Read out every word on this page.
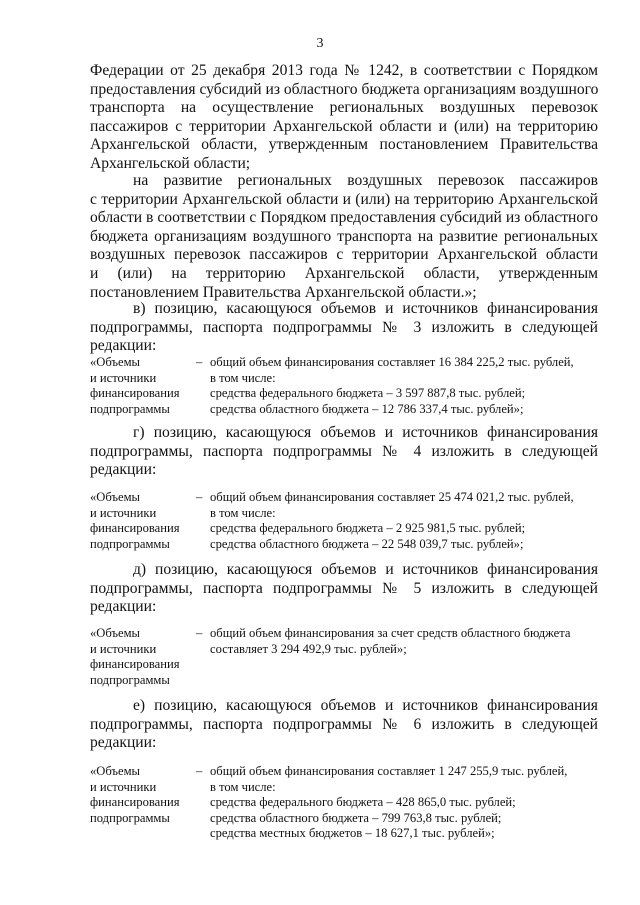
3
Федерации от 25 декабря 2013 года № 1242, в соответствии с Порядком
предоставления субсидий из областного бюджета организациям воздушного
транспорта на осуществление региональных воздушных перевозок
пассажиров с территории Архангельской области и (или) на территорию
Архангельской области, утвержденным постановлением Правительства
Архангельской области;
на развитие региональных воздушных перевозок пассажиров
с территории Архангельской области и (или) на территорию Архангельской
области в соответствии с Порядком предоставления субсидий из областного
бюджета организациям воздушного транспорта на развитие региональных
воздушных перевозок пассажиров с территории Архангельской области
и (или) на территорию Архангельской области, утвержденным
постановлением Правительства Архангельской области.»;
в) позицию, касающуюся объемов и источников финансирования
подпрограммы, паспорта подпрограммы № 3 изложить в следующей
редакции:
«Объемы
и источники
финансирования
подпрограммы
– общий объем финансирования составляет 16 384 225,2 тыс. рублей,
в том числе:
средства федерального бюджета – 3 597 887,8 тыс. рублей;
средства областного бюджета – 12 786 337,4 тыс. рублей»;
г) позицию, касающуюся объемов и источников финансирования
подпрограммы, паспорта подпрограммы № 4 изложить в следующей
редакции:
«Объемы
и источники
финансирования
подпрограммы
– общий объем финансирования составляет 25 474 021,2 тыс. рублей,
в том числе:
средства федерального бюджета – 2 925 981,5 тыс. рублей;
средства областного бюджета – 22 548 039,7 тыс. рублей»;
д) позицию, касающуюся объемов и источников финансирования
подпрограммы, паспорта подпрограммы № 5 изложить в следующей
редакции:
«Объемы
и источники
финансирования
подпрограммы
– общий объем финансирования за счет средств областного бюджета
составляет 3 294 492,9 тыс. рублей»;
е) позицию, касающуюся объемов и источников финансирования
подпрограммы, паспорта подпрограммы № 6 изложить в следующей
редакции:
«Объемы
и источники
финансирования
подпрограммы
– общий объем финансирования составляет 1 247 255,9 тыс. рублей,
в том числе:
средства федерального бюджета – 428 865,0 тыс. рублей;
средства областного бюджета – 799 763,8 тыс. рублей;
средства местных бюджетов – 18 627,1 тыс. рублей»;
